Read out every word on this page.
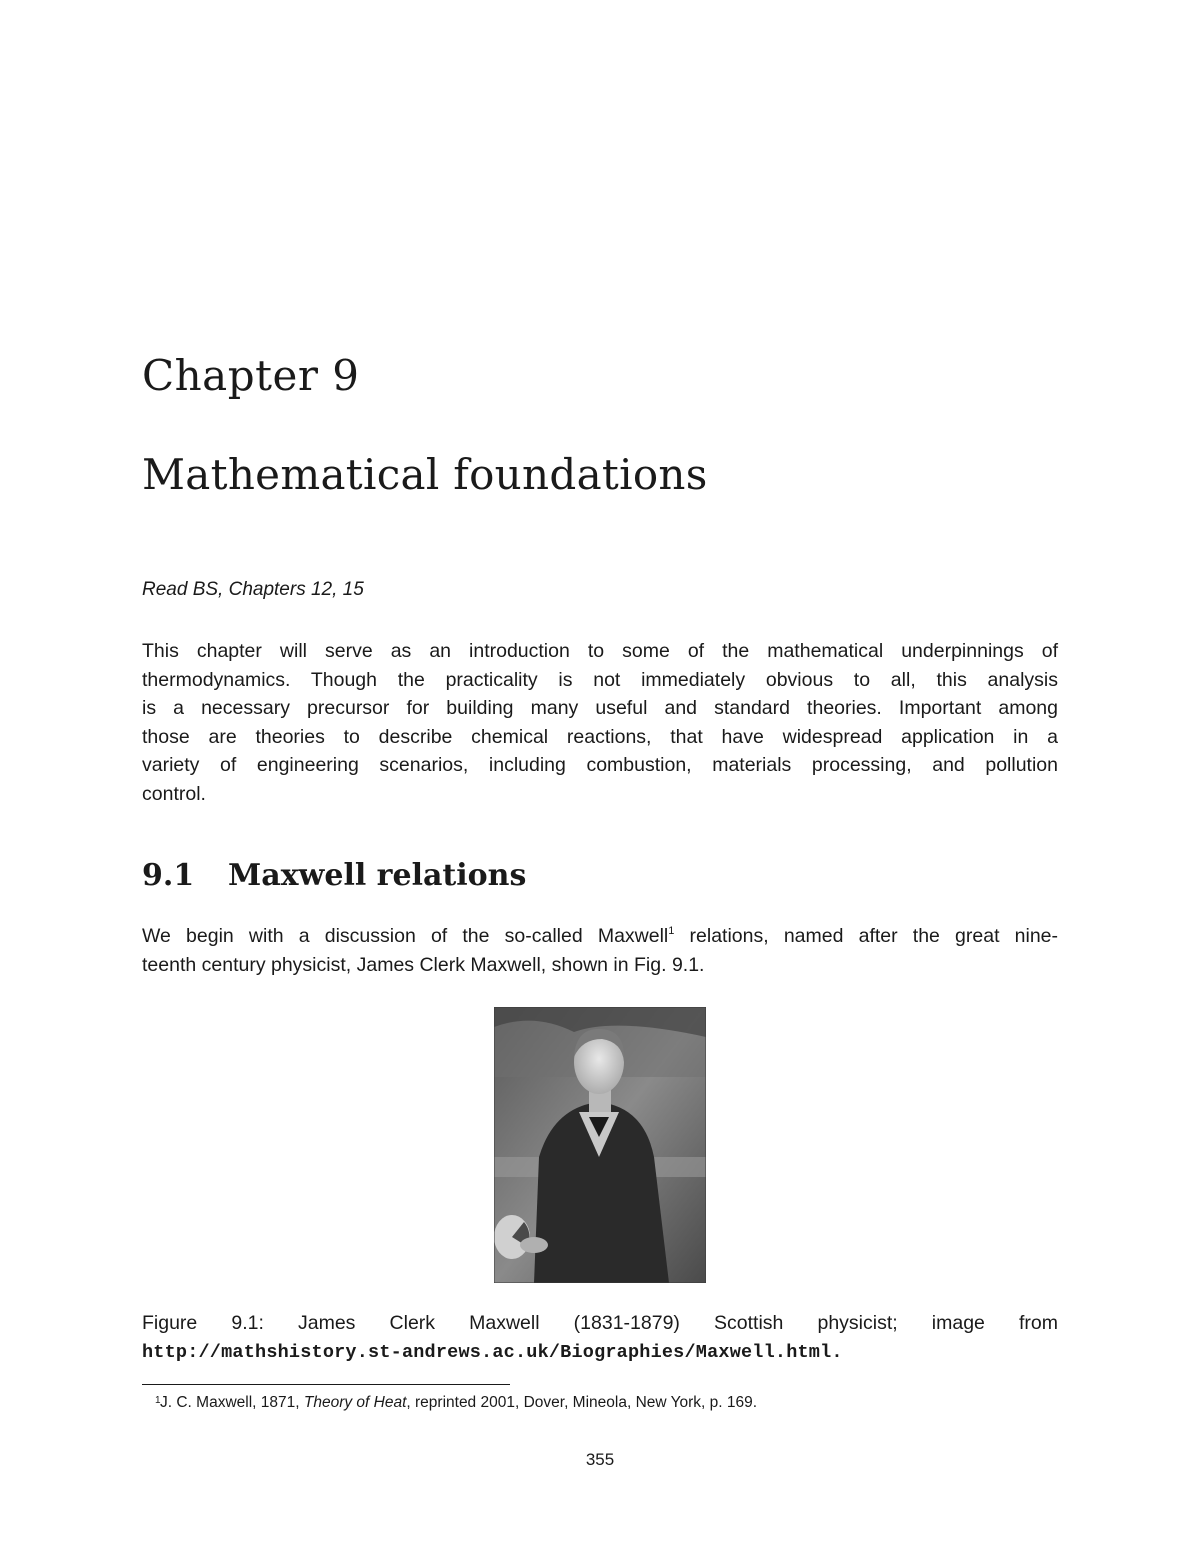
Chapter 9
Mathematical foundations
Read BS, Chapters 12, 15
This chapter will serve as an introduction to some of the mathematical underpinnings of
thermodynamics. Though the practicality is not immediately obvious to all, this analysis
is a necessary precursor for building many useful and standard theories. Important among
those are theories to describe chemical reactions, that have widespread application in a
variety of engineering scenarios, including combustion, materials processing, and pollution
control.
9.1 Maxwell relations
We begin with a discussion of the so-called Maxwell$^1$ relations, named after the great nine-
teenth century physicist, James Clerk Maxwell, shown in Fig. 9.1.
Figure 9.1: James Clerk Maxwell (1831-1879) Scottish physicist; image from
http://mathshistory.st-andrews.ac.uk/Biographies/Maxwell.html.
1 J. C. Maxwell, 1871, Theory of Heat, reprinted 2001, Dover, Mineola, New York, p. 169.
355
